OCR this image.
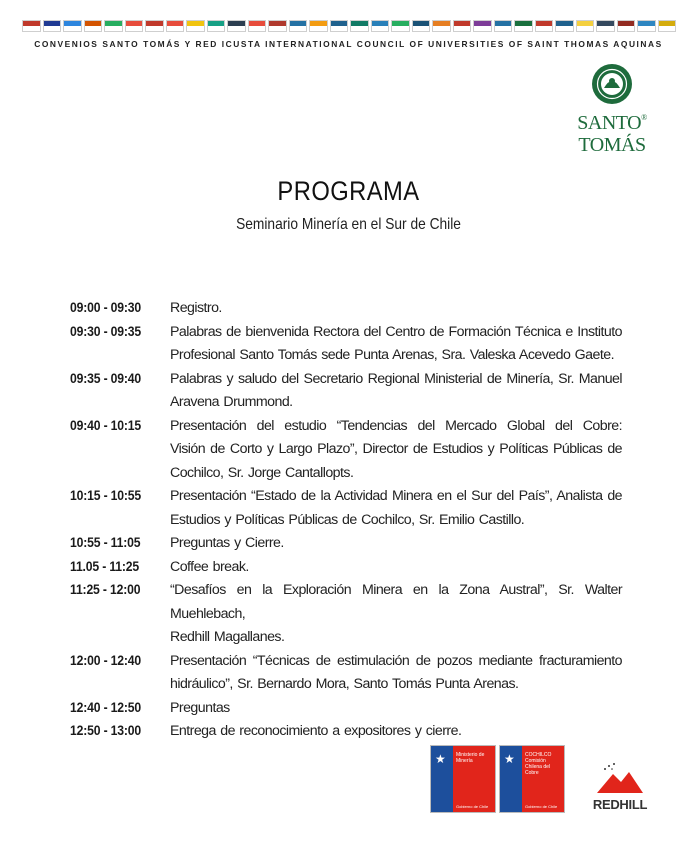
CONVENIOS SANTO TOMÁS Y RED ICUSTA INTERNATIONAL COUNCIL OF UNIVERSITIES OF SAINT THOMAS AQUINAS
SANTO®
TOMÁS
PROGRAMA
Seminario Minería en el Sur de Chile
09:00 - 09:30	Registro.
09:30 - 09:35	Palabras de bienvenida Rectora del Centro de Formación Técnica e Instituto
Profesional Santo Tomás sede Punta Arenas, Sra. Valeska Acevedo Gaete.
09:35 - 09:40	Palabras y saludo del Secretario Regional Ministerial de Minería, Sr. Manuel
Aravena Drummond.
09:40 - 10:15	Presentación del estudio “Tendencias del Mercado Global del Cobre:
Visión de Corto y Largo Plazo”, Director de Estudios y Políticas Públicas de
Cochilco, Sr. Jorge Cantallopts.
10:15 - 10:55	Presentación “Estado de la Actividad Minera en el Sur del País”, Analista de
Estudios y Políticas Públicas de Cochilco, Sr. Emilio Castillo.
10:55 - 11:05	Preguntas y Cierre.
11.05 - 11:25	Coffee break.
11:25 - 12:00	“Desafíos en la Exploración Minera en la Zona Austral”, Sr. Walter Muehlebach,
Redhill Magallanes.
12:00 - 12:40	Presentación “Técnicas de estimulación de pozos mediante fracturamiento
hidráulico”, Sr. Bernardo Mora, Santo Tomás Punta Arenas.
12:40 - 12:50	Preguntas
12:50 - 13:00	Entrega de reconocimiento a expositores y cierre.
★ Ministerio de Minería
Gobierno de Chile
★ COCHILCO Comisión Chilena del Cobre
Gobierno de Chile	REDHILL
